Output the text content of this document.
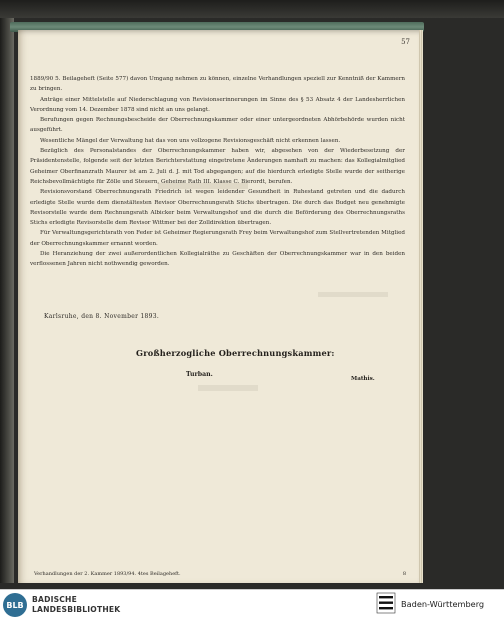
57

1889/90 5. Beilageheft (Seite 577) davon Umgang nehmen zu können, einzelne Verhandlungen speziell zur Kenntniß der Kammern zu bringen.

Anträge einer Mittelstelle auf Niederschlagung von Revisionserinnerungen im Sinne des § 53 Absatz 4 der Landesherrlichen Verordnung vom 14. Dezember 1878 sind nicht an uns gelangt.

Berufungen gegen Rechnungsbescheide der Oberrechnungskammer oder einer untergeordneten Abhörbehörde wurden nicht ausgeführt.

Wesentliche Mängel der Verwaltung hat das von uns vollzogene Revisionsgeschäft nicht erkennen lassen.

Bezüglich des Personalstandes der Oberrechnungskammer haben wir, abgesehen von der Wiederbesetzung der Präsidentenstelle, folgende seit der letzten Berichterstattung eingetretene Änderungen namhaft zu machen: das Kollegialmitglied Geheimer Oberfinanzrath Maurer ist am 2. Juli d. J. mit Tod abgegangen; auf die hierdurch erledigte Stelle wurde der seitherige Reichsbevollmächtigte für Zölle und Steuern, Geheime Rath III. Klasse C. Bierordt, berufen.

Revisionsvorstand Oberrechnungsrath Friedrich ist wegen leidender Gesundheit in Ruhestand getreten und die dadurch erledigte Stelle wurde dem dienstältesten Revisor Oberrechnungsrath Stichs übertragen. Die durch das Budget neu genehmigte Revisorstelle wurde dem Rechnungsrath Albicker beim Verwaltungshof und die durch die Beförderung des Oberrechnungsraths Stichs erledigte Revisorstelle dem Revisor Wittmer bei der Zolldirektion übertragen.

Für Verwaltungsgerichtsrath von Feder ist Geheimer Regierungsrath Frey beim Verwaltungshof zum Stellvertretenden Mitglied der Oberrechnungskammer ernannt worden.

Die Heranziehung der zwei außerordentlichen Kollegialräthe zu Geschäften der Oberrechnungskammer war in den beiden verflossenen Jahren nicht nothwendig geworden.

Karlsruhe, den 8. November 1893.
Großherzogliche Oberrechnungskammer:
Turban.
Mathis.
Verhandlungen der 2. Kammer 1893/94. 4tes Beilageheft.	8
BLB
BADISCHE
LANDESBIBLIOTHEK
Baden-Württemberg
